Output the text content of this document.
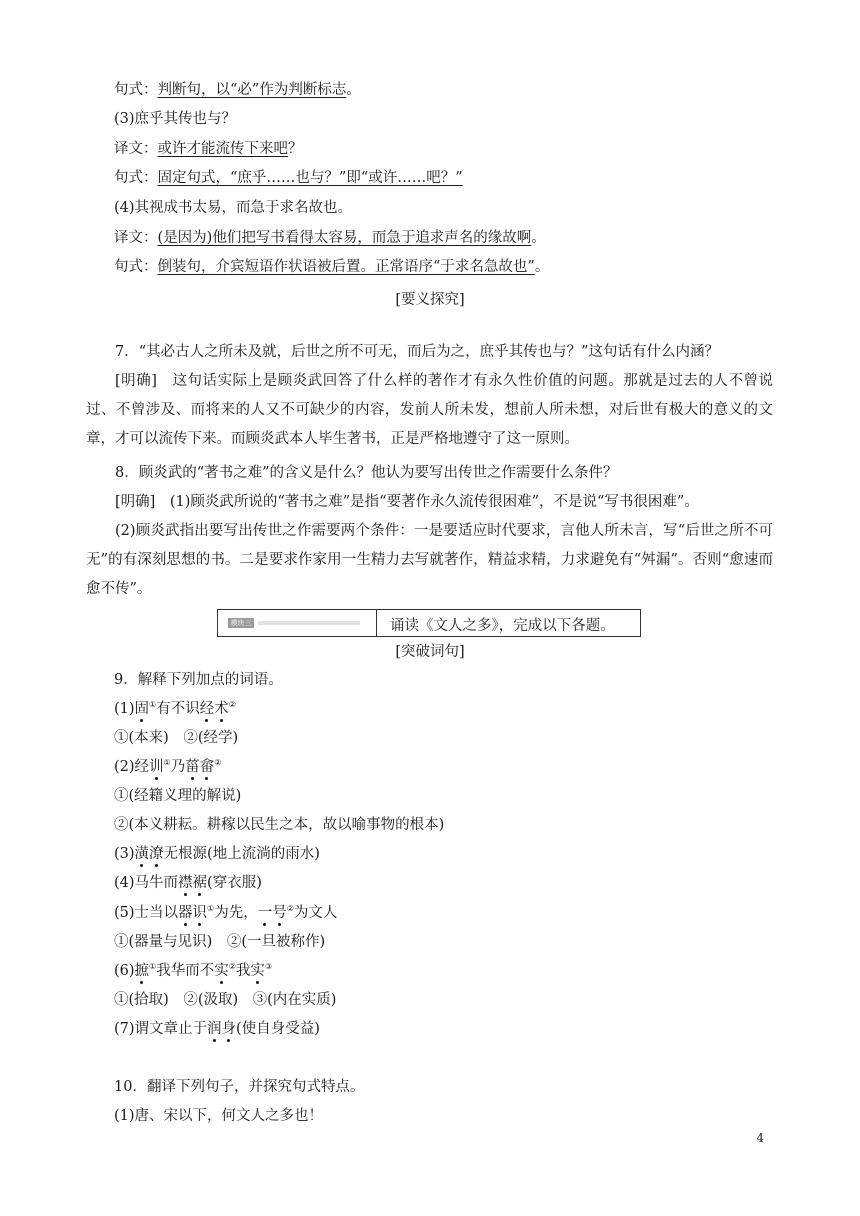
句式：判断句，以“必”作为判断标志。
(3)庶乎其传也与？
译文：或许才能流传下来吧？
句式：固定句式，“庶乎……也与？”即“或许……吧？”
(4)其视成书太易，而急于求名故也。
译文：(是因为)他们把写书看得太容易，而急于追求声名的缘故啊。
句式：倒装句，介宾短语作状语被后置。正常语序“于求名急故也”。
[要义探究]
7．“其必古人之所未及就，后世之所不可无，而后为之，庶乎其传也与？”这句话有什么内涵？
[明确]　这句话实际上是顾炎武回答了什么样的著作才有永久性价值的问题。那就是过去的人不曾说过、不曾涉及、而将来的人又不可缺少的内容，发前人所未发，想前人所未想，对后世有极大的意义的文章，才可以流传下来。而顾炎武本人毕生著书，正是严格地遵守了这一原则。
8．顾炎武的“著书之难”的含义是什么？他认为要写出传世之作需要什么条件？
[明确]　(1)顾炎武所说的“著书之难”是指“要著作永久流传很困难”，不是说“写书很困难”。
(2)顾炎武指出要写出传世之作需要两个条件：一是要适应时代要求，言他人所未言，写“后世之所不可无”的有深刻思想的书。二是要求作家用一生精力去写就著作，精益求精，力求避免有“舛漏”。否则“愈速而愈不传”。
模块三	诵读《文人之多》，完成以下各题。
[突破词句]
9．解释下列加点的词语。
(1)固①有不识经术②
①(本来)　②(经学)
(2)经训①乃菑畲②
①(经籍义理的解说)
②(本义耕耘。耕稼以民生之本，故以喻事物的根本)
(3)潢潦无根源(地上流淌的雨水)
(4)马牛而襟裾(穿衣服)
(5)士当以器识①为先，一号②为文人
①(器量与见识)　②(一旦被称作)
(6)摭①我华而不实②我实③
①(拾取)　②(汲取)　③(内在实质)
(7)谓文章止于润身(使自身受益)
10．翻译下列句子，并探究句式特点。
(1)唐、宋以下，何文人之多也！
4
